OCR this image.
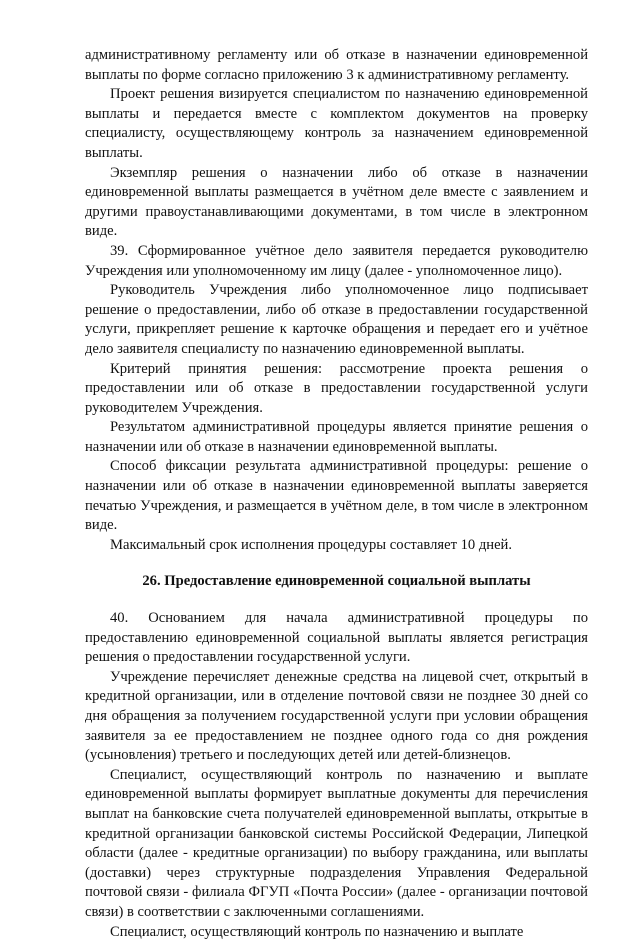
административному регламенту или об отказе в назначении единовременной выплаты по форме согласно приложению 3 к административному регламенту.

Проект решения визируется специалистом по назначению единовременной выплаты и передается вместе с комплектом документов на проверку специалисту, осуществляющему контроль за назначением единовременной выплаты.

Экземпляр решения о назначении либо об отказе в назначении единовременной выплаты размещается в учётном деле вместе с заявлением и другими правоустанавливающими документами, в том числе в электронном виде.

39. Сформированное учётное дело заявителя передается руководителю Учреждения или уполномоченному им лицу (далее - уполномоченное лицо).

Руководитель Учреждения либо уполномоченное лицо подписывает решение о предоставлении, либо об отказе в предоставлении государственной услуги, прикрепляет решение к карточке обращения и передает его и учётное дело заявителя специалисту по назначению единовременной выплаты.

Критерий принятия решения: рассмотрение проекта решения о предоставлении или об отказе в предоставлении государственной услуги руководителем Учреждения.

Результатом административной процедуры является принятие решения о назначении или об отказе в назначении единовременной выплаты.

Способ фиксации результата административной процедуры: решение о назначении или об отказе в назначении единовременной выплаты заверяется печатью Учреждения, и размещается в учётном деле, в том числе в электронном виде.

Максимальный срок исполнения процедуры составляет 10 дней.

26. Предоставление единовременной социальной выплаты

40. Основанием для начала административной процедуры по предоставлению единовременной социальной выплаты является регистрация решения о предоставлении государственной услуги.

Учреждение перечисляет денежные средства на лицевой счет, открытый в кредитной организации, или в отделение почтовой связи не позднее 30 дней со дня обращения за получением государственной услуги при условии обращения заявителя за ее предоставлением не позднее одного года со дня рождения (усыновления) третьего и последующих детей или детей-близнецов.

Специалист, осуществляющий контроль по назначению и выплате единовременной выплаты формирует выплатные документы для перечисления выплат на банковские счета получателей единовременной выплаты, открытые в кредитной организации банковской системы Российской Федерации, Липецкой области (далее - кредитные организации) по выбору гражданина, или выплаты (доставки) через структурные подразделения Управления Федеральной почтовой связи - филиала ФГУП «Почта России» (далее - организации почтовой связи) в соответствии с заключенными соглашениями.

Специалист, осуществляющий контроль по назначению и выплате
